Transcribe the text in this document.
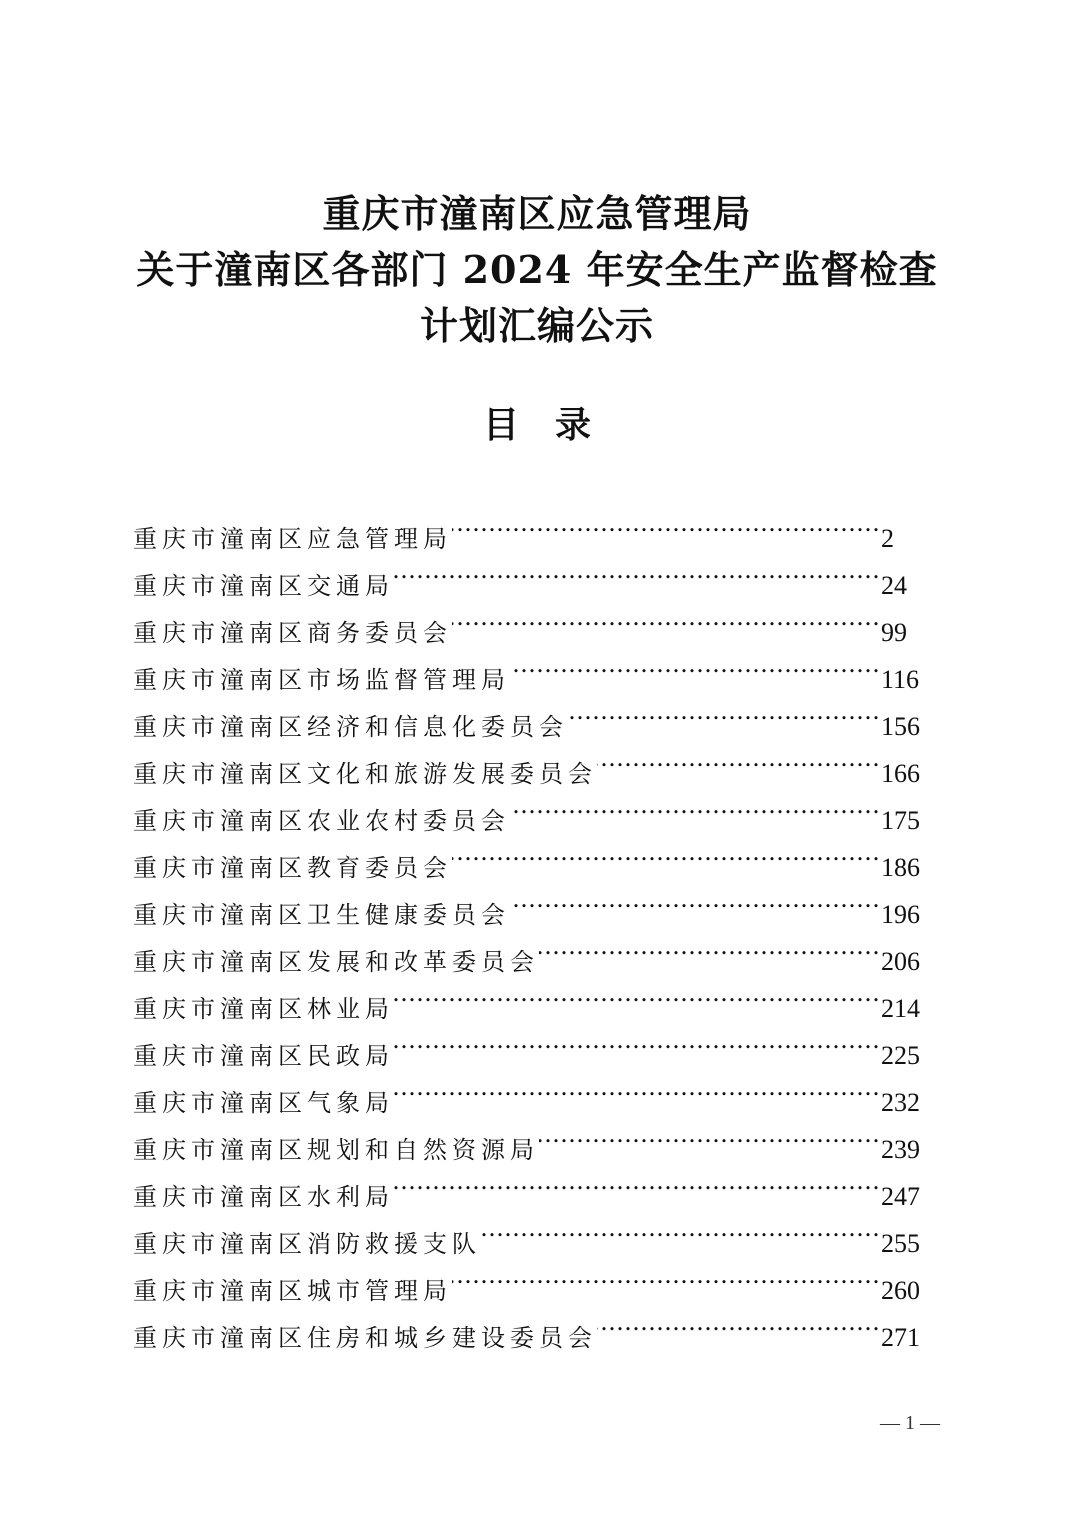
重庆市潼南区应急管理局
关于潼南区各部门 2024 年安全生产监督检查
计划汇编公示
目　录
重庆市潼南区应急管理局 …………………………………………………………………………………………………………………………………………………………………………	2
重庆市潼南区交通局 …………………………………………………………………………………………………………………………………………………………………………	24
重庆市潼南区商务委员会 …………………………………………………………………………………………………………………………………………………………………………	99
重庆市潼南区市场监督管理局 …………………………………………………………………………………………………………………………………………………………………………	116
重庆市潼南区经济和信息化委员会 …………………………………………………………………………………………………………………………………………………………………………	156
重庆市潼南区文化和旅游发展委员会 …………………………………………………………………………………………………………………………………………………………………………	166
重庆市潼南区农业农村委员会 …………………………………………………………………………………………………………………………………………………………………………	175
重庆市潼南区教育委员会 …………………………………………………………………………………………………………………………………………………………………………	186
重庆市潼南区卫生健康委员会 …………………………………………………………………………………………………………………………………………………………………………	196
重庆市潼南区发展和改革委员会 …………………………………………………………………………………………………………………………………………………………………………	206
重庆市潼南区林业局 …………………………………………………………………………………………………………………………………………………………………………	214
重庆市潼南区民政局 …………………………………………………………………………………………………………………………………………………………………………	225
重庆市潼南区气象局 …………………………………………………………………………………………………………………………………………………………………………	232
重庆市潼南区规划和自然资源局 …………………………………………………………………………………………………………………………………………………………………………	239
重庆市潼南区水利局 …………………………………………………………………………………………………………………………………………………………………………	247
重庆市潼南区消防救援支队 …………………………………………………………………………………………………………………………………………………………………………	255
重庆市潼南区城市管理局 …………………………………………………………………………………………………………………………………………………………………………	260
重庆市潼南区住房和城乡建设委员会 …………………………………………………………………………………………………………………………………………………………………………	271
— 1 —
